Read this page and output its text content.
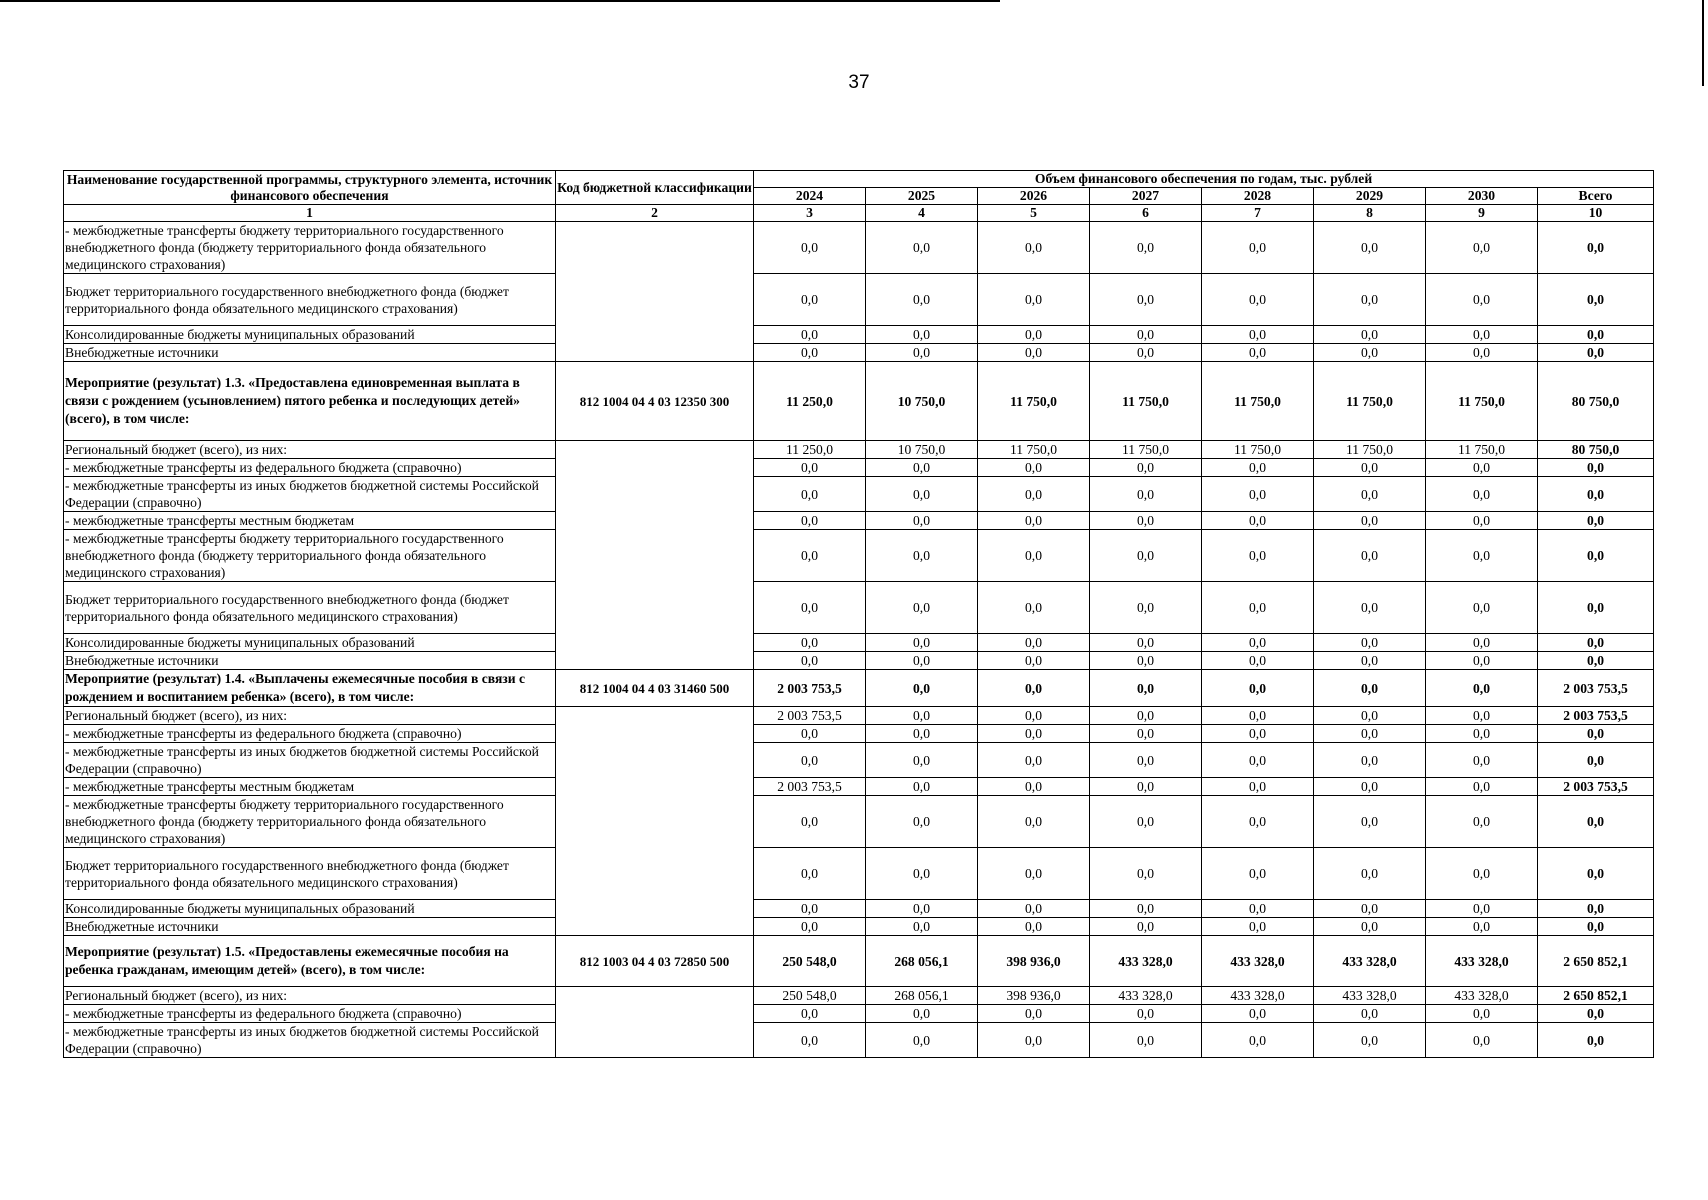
37
Наименование государственной программы, структурного элемента, источник финансового обеспечения	Код бюджетной классификации	Объем финансового обеспечения по годам, тыс. рублей							
		2024	2025	2026	2027	2028	2029	2030	Всего
1	2	3	4	5	6	7	8	9	10
- межбюджетные трансферты бюджету территориального государственного внебюджетного фонда (бюджету территориального фонда обязательного медицинского страхования)		0,0	0,0	0,0	0,0	0,0	0,0	0,0	0,0
Бюджет территориального государственного внебюджетного фонда (бюджет территориального фонда обязательного медицинского страхования)		0,0	0,0	0,0	0,0	0,0	0,0	0,0	0,0
Консолидированные бюджеты муниципальных образований		0,0	0,0	0,0	0,0	0,0	0,0	0,0	0,0
Внебюджетные источники		0,0	0,0	0,0	0,0	0,0	0,0	0,0	0,0
Мероприятие (результат) 1.3. «Предоставлена единовременная выплата в связи с рождением (усыновлением) пятого ребенка и последующих детей» (всего), в том числе:	812 1004 04 4 03 12350 300	11 250,0	10 750,0	11 750,0	11 750,0	11 750,0	11 750,0	11 750,0	80 750,0
Региональный бюджет (всего), из них:		11 250,0	10 750,0	11 750,0	11 750,0	11 750,0	11 750,0	11 750,0	80 750,0
- межбюджетные трансферты из федерального бюджета (справочно)		0,0	0,0	0,0	0,0	0,0	0,0	0,0	0,0
- межбюджетные трансферты из иных бюджетов бюджетной системы Российской Федерации (справочно)		0,0	0,0	0,0	0,0	0,0	0,0	0,0	0,0
- межбюджетные трансферты местным бюджетам		0,0	0,0	0,0	0,0	0,0	0,0	0,0	0,0
- межбюджетные трансферты бюджету территориального государственного внебюджетного фонда (бюджету территориального фонда обязательного медицинского страхования)		0,0	0,0	0,0	0,0	0,0	0,0	0,0	0,0
Бюджет территориального государственного внебюджетного фонда (бюджет территориального фонда обязательного медицинского страхования)		0,0	0,0	0,0	0,0	0,0	0,0	0,0	0,0
Консолидированные бюджеты муниципальных образований		0,0	0,0	0,0	0,0	0,0	0,0	0,0	0,0
Внебюджетные источники		0,0	0,0	0,0	0,0	0,0	0,0	0,0	0,0
Мероприятие (результат) 1.4. «Выплачены ежемесячные пособия в связи с рождением и воспитанием ребенка» (всего), в том числе:	812 1004 04 4 03 31460 500	2 003 753,5	0,0	0,0	0,0	0,0	0,0	0,0	2 003 753,5
Региональный бюджет (всего), из них:		2 003 753,5	0,0	0,0	0,0	0,0	0,0	0,0	2 003 753,5
- межбюджетные трансферты из федерального бюджета (справочно)		0,0	0,0	0,0	0,0	0,0	0,0	0,0	0,0
- межбюджетные трансферты из иных бюджетов бюджетной системы Российской Федерации (справочно)		0,0	0,0	0,0	0,0	0,0	0,0	0,0	0,0
- межбюджетные трансферты местным бюджетам		2 003 753,5	0,0	0,0	0,0	0,0	0,0	0,0	2 003 753,5
- межбюджетные трансферты бюджету территориального государственного внебюджетного фонда (бюджету территориального фонда обязательного медицинского страхования)		0,0	0,0	0,0	0,0	0,0	0,0	0,0	0,0
Бюджет территориального государственного внебюджетного фонда (бюджет территориального фонда обязательного медицинского страхования)		0,0	0,0	0,0	0,0	0,0	0,0	0,0	0,0
Консолидированные бюджеты муниципальных образований		0,0	0,0	0,0	0,0	0,0	0,0	0,0	0,0
Внебюджетные источники		0,0	0,0	0,0	0,0	0,0	0,0	0,0	0,0
Мероприятие (результат) 1.5. «Предоставлены ежемесячные пособия на ребенка гражданам, имеющим детей» (всего), в том числе:	812 1003 04 4 03 72850 500	250 548,0	268 056,1	398 936,0	433 328,0	433 328,0	433 328,0	433 328,0	2 650 852,1
Региональный бюджет (всего), из них:		250 548,0	268 056,1	398 936,0	433 328,0	433 328,0	433 328,0	433 328,0	2 650 852,1
- межбюджетные трансферты из федерального бюджета (справочно)		0,0	0,0	0,0	0,0	0,0	0,0	0,0	0,0
- межбюджетные трансферты из иных бюджетов бюджетной системы Российской Федерации (справочно)		0,0	0,0	0,0	0,0	0,0	0,0	0,0	0,0
